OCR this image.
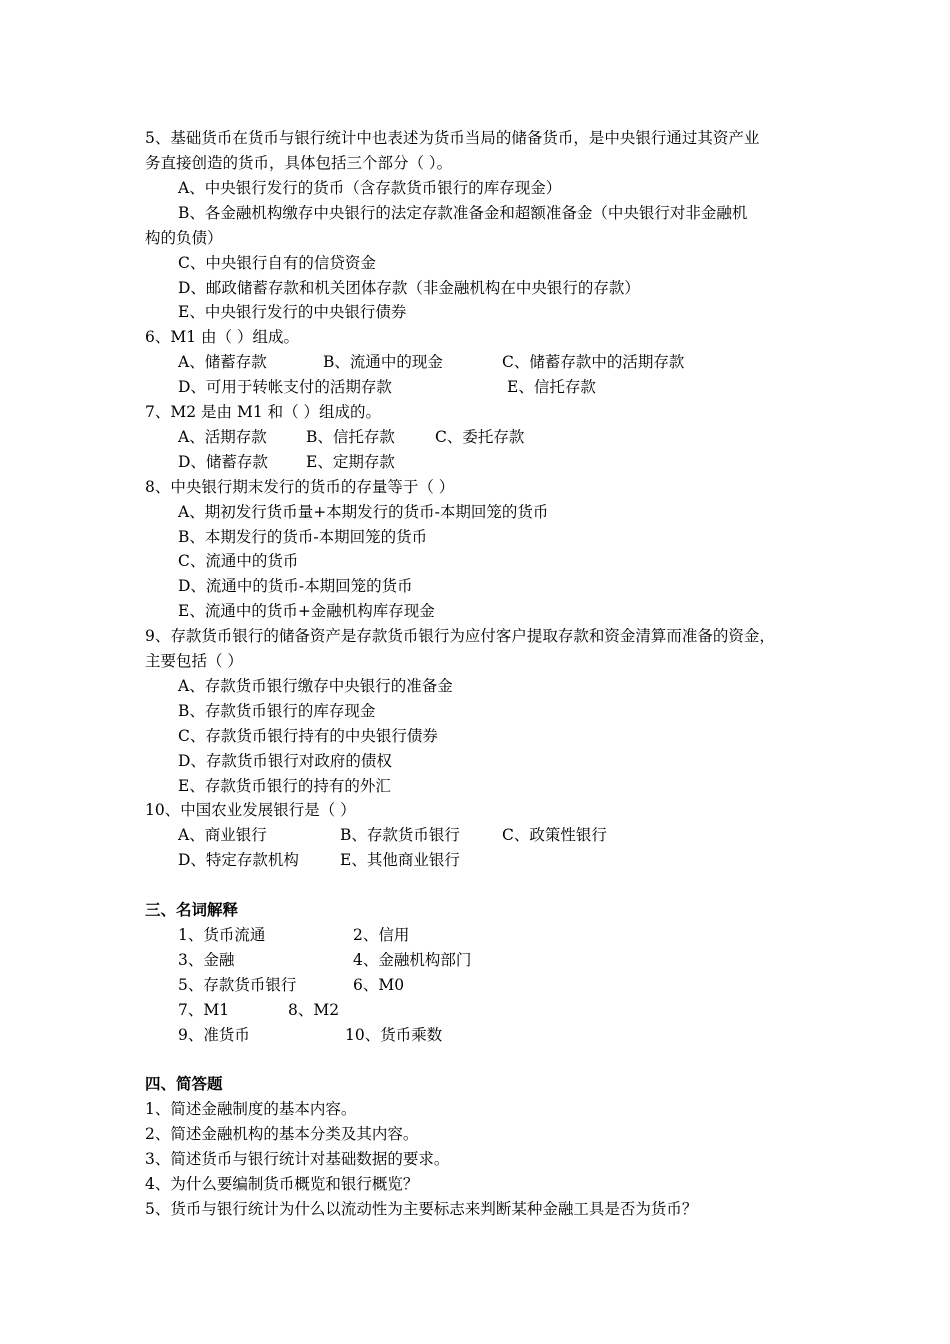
5、基础货币在货币与银行统计中也表述为货币当局的储备货币，是中央银行通过其资产业
务直接创造的货币，具体包括三个部分（ ）。
A、中央银行发行的货币（含存款货币银行的库存现金）
B、各金融机构缴存中央银行的法定存款准备金和超额准备金（中央银行对非金融机
构的负债）
C、中央银行自有的信贷资金
D、邮政储蓄存款和机关团体存款（非金融机构在中央银行的存款）
E、中央银行发行的中央银行债券
6、M1 由（ ）组成。
A、储蓄存款	B、流通中的现金	C、储蓄存款中的活期存款
D、可用于转帐支付的活期存款	E、信托存款
7、M2 是由 M1 和（ ）组成的。
A、活期存款	B、信托存款	C、委托存款
D、储蓄存款 E、定期存款
8、中央银行期末发行的货币的存量等于（ ）
A、期初发行货币量+本期发行的货币-本期回笼的货币
B、本期发行的货币-本期回笼的货币
C、流通中的货币
D、流通中的货币-本期回笼的货币
E、流通中的货币+金融机构库存现金
9、存款货币银行的储备资产是存款货币银行为应付客户提取存款和资金清算而准备的资金，
主要包括（ ）
A、存款货币银行缴存中央银行的准备金
B、存款货币银行的库存现金
C、存款货币银行持有的中央银行债券
D、存款货币银行对政府的债权
E、存款货币银行的持有的外汇
10、中国农业发展银行是（ ）
A、商业银行	B、存款货币银行	C、政策性银行
D、特定存款机构	E、其他商业银行
三、名词解释
1、货币流通	2、信用
3、金融	4、金融机构部门
5、存款货币银行	6、M0
7、M1	8、M2
9、准货币	10、货币乘数
四、简答题
1、简述金融制度的基本内容。
2、简述金融机构的基本分类及其内容。
3、简述货币与银行统计对基础数据的要求。
4、为什么要编制货币概览和银行概览？
5、货币与银行统计为什么以流动性为主要标志来判断某种金融工具是否为货币？
